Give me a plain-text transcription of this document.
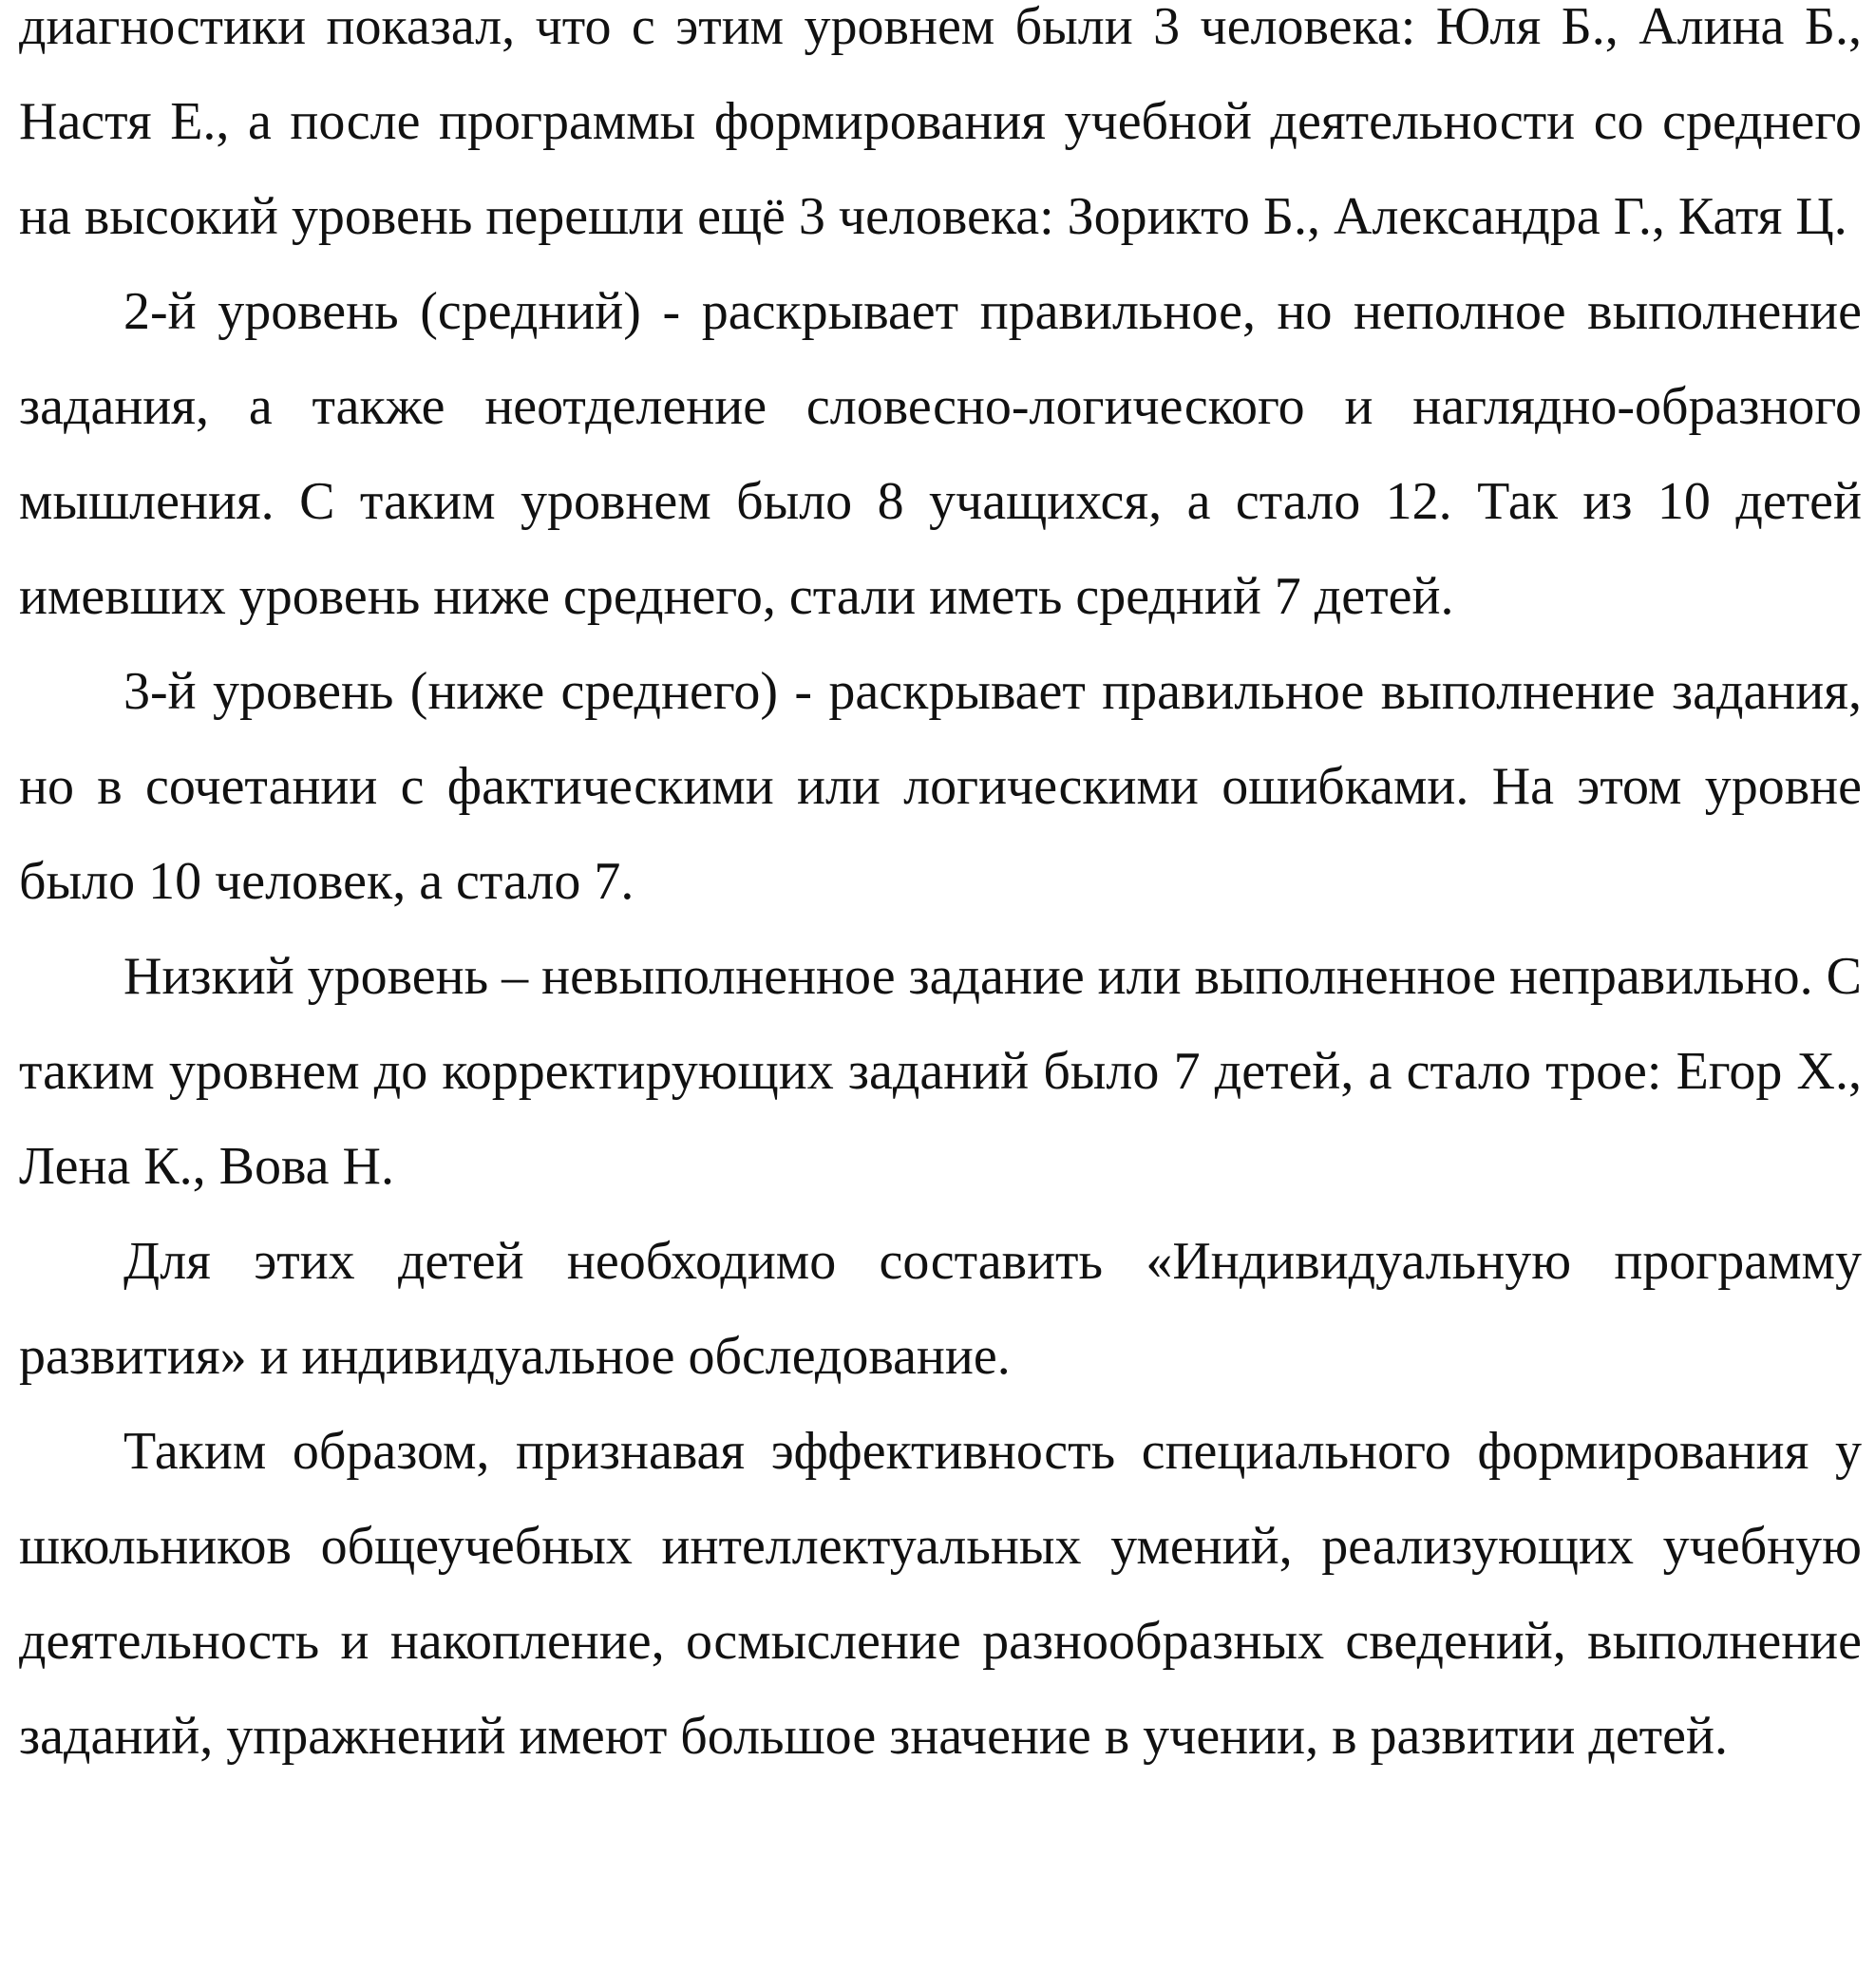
диагностики показал, что с этим уровнем были 3 человека: Юля Б., Алина Б., Настя Е., а после программы формирования учебной деятельности со среднего на высокий уровень перешли ещё 3 человека: Зорикто Б., Александра Г., Катя Ц.

2-й уровень (средний) - раскрывает правильное, но неполное выполнение задания, а также неотделение словесно-логического и наглядно-образного мышления. С таким уровнем было 8 учащихся, а стало 12. Так из 10 детей имевших уровень ниже среднего, стали иметь средний 7 детей.

3-й уровень (ниже среднего) - раскрывает правильное выполнение задания, но в сочетании с фактическими или логическими ошибками. На этом уровне было 10 человек, а стало 7.

Низкий уровень – невыполненное задание или выполненное неправильно. С таким уровнем до корректирующих заданий было 7 детей, а стало трое: Егор Х., Лена К., Вова Н.

Для этих детей необходимо составить «Индивидуальную программу развития» и индивидуальное обследование.

Таким образом, признавая эффективность специального формирования у школьников общеучебных интеллектуальных умений, реализующих учебную деятельность и накопление, осмысление разнообразных сведений, выполнение заданий, упражнений имеют большое значение в учении, в развитии детей.
